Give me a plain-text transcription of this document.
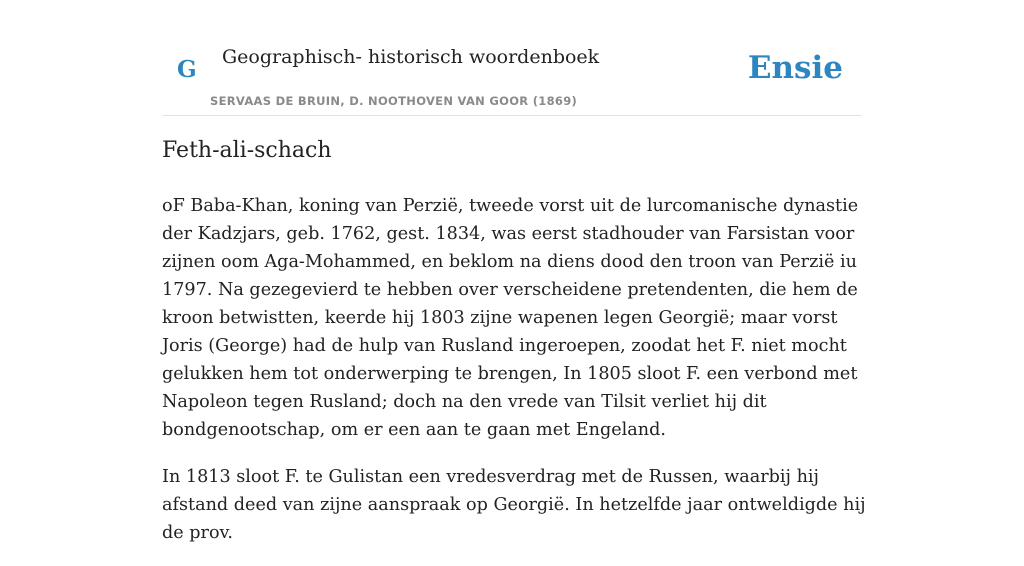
G Geographisch- historisch woordenboek
SERVAAS DE BRUIN, D. NOOTHOVEN VAN GOOR (1869)
Ensie
Feth-ali-schach

oF Baba-Khan, koning van Perzië, tweede vorst uit de lurcomanische dynastie der Kadzjars, geb. 1762, gest. 1834, was eerst stadhouder van Farsistan voor zijnen oom Aga-Mohammed, en beklom na diens dood den troon van Perzië iu 1797. Na gezegevierd te hebben over verscheidene pretendenten, die hem de kroon betwistten, keerde hij 1803 zijne wapenen legen Georgië; maar vorst Joris (George) had de hulp van Rusland ingeroepen, zoodat het F. niet mocht gelukken hem tot onderwerping te brengen, In 1805 sloot F. een verbond met Napoleon tegen Rusland; doch na den vrede van Tilsit verliet hij dit bondgenootschap, om er een aan te gaan met Engeland.

In 1813 sloot F. te Gulistan een vredesverdrag met de Russen, waarbij hij afstand deed van zijne aanspraak op Georgië. In hetzelfde jaar ontweldigde hij de prov.
